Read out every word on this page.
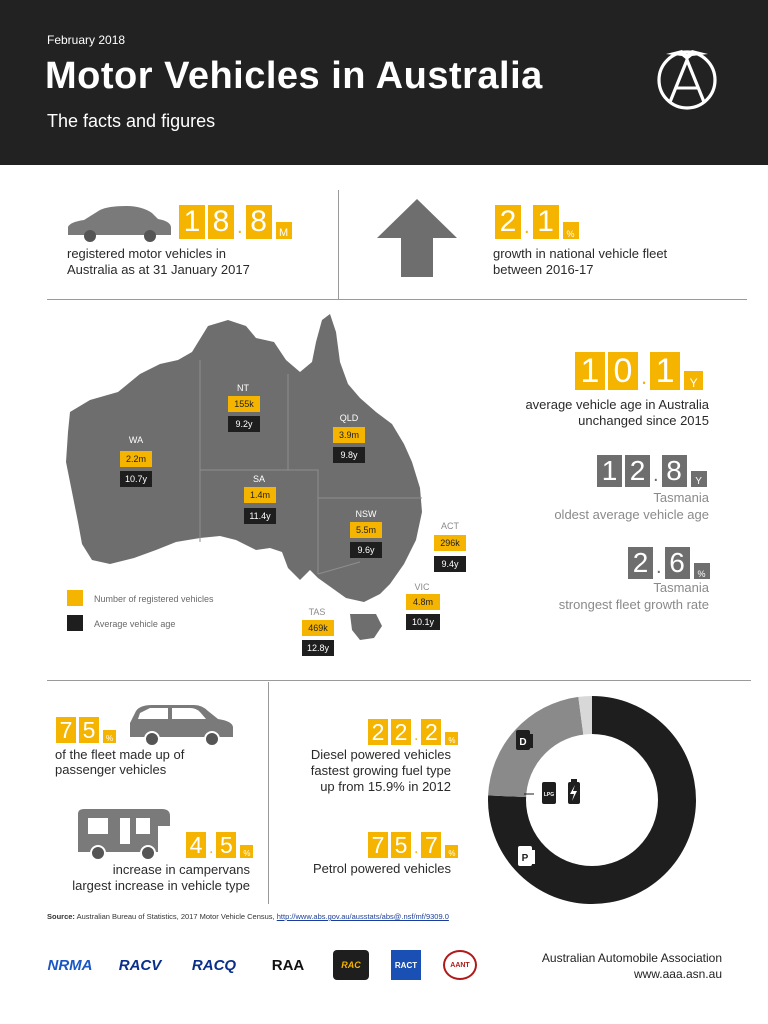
February 2018
Motor Vehicles in Australia
The facts and figures
1 8 . 8	M
registered motor vehicles in
Australia as at 31 January 2017
2 . 1	%
growth in national vehicle fleet
between 2016-17
NT
155k
9.2y
QLD
3.9m
9.8y
WA
2.2m
10.7y	SA
1.4m
11.4y	NSW
5.5m
9.6y
ACT
296k
9.4y
VIC
4.8m
10.1y
TAS
469k
12.8y
Number of registered vehicles
Average vehicle age
1 0 . 1	Y
average vehicle age in Australia
unchanged since 2015
1 2 . 8	Y
Tasmania
oldest average vehicle age
2 . 6	%
Tasmania
strongest fleet growth rate
7 5	%
of the fleet made up of
passenger vehicles
4 . 5	%
increase in campervans
largest increase in vehicle type
2 2 . 2	%
Diesel powered vehicles
fastest growing fuel type
up from 15.9% in 2012
7 5 . 7	%
Petrol powered vehicles
D
P
LPG
Source: Australian Bureau of Statistics, 2017 Motor Vehicle Census, http://www.abs.gov.au/ausstats/abs@.nsf/mf/9309.0
NRMA RACV	RACQ	RAA	RAC	RACT	AANT	Australian Automobile Association
www.aaa.asn.au
